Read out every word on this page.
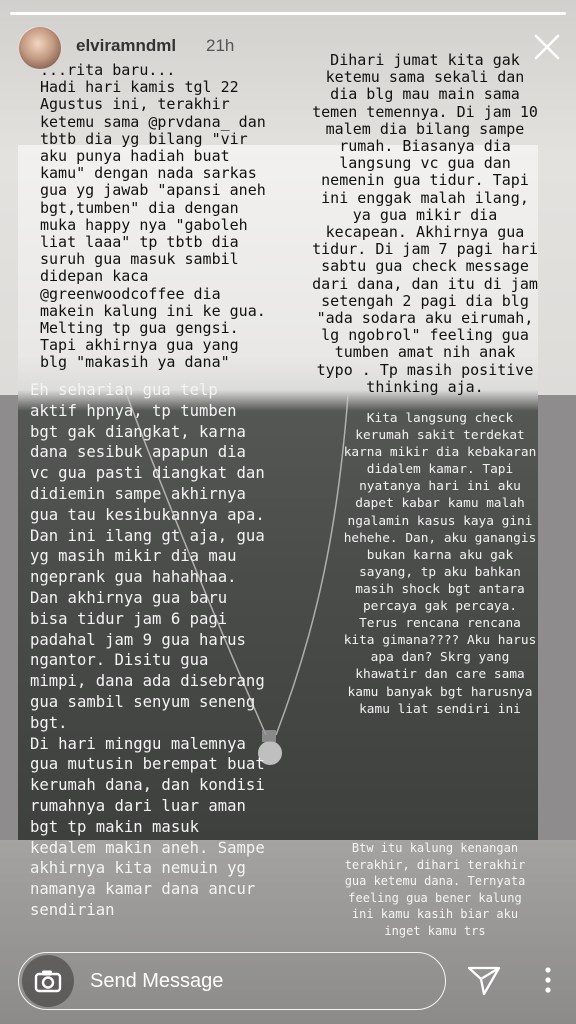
elviramndml 21h

...rita baru...
Hadi hari kamis tgl 22
Agustus ini, terakhir
ketemu sama @prvdana_ dan
tbtb dia yg bilang "vir
aku punya hadiah buat
kamu" dengan nada sarkas
gua yg jawab "apansi aneh
bgt,tumben" dia dengan
muka happy nya "gaboleh
liat laaa" tp tbtb dia
suruh gua masuk sambil
didepan kaca
@greenwoodcoffee dia
makein kalung ini ke gua.
Melting tp gua gengsi.
Tapi akhirnya gua yang
blg "makasih ya dana"

Dihari jumat kita gak
ketemu sama sekali dan
dia blg mau main sama
temen temennya. Di jam 10
malem dia bilang sampe
rumah. Biasanya dia
langsung vc gua dan
nemenin gua tidur. Tapi
ini enggak malah ilang,
ya gua mikir dia
kecapean. Akhirnya gua
tidur. Di jam 7 pagi hari
sabtu gua check message
dari dana, dan itu di jam
setengah 2 pagi dia blg
"ada sodara aku eirumah,
lg ngobrol" feeling gua
tumben amat nih anak
typo . Tp masih positive
thinking aja.

Eh seharian gua telp
aktif hpnya, tp tumben
bgt gak diangkat, karna
dana sesibuk apapun dia
vc gua pasti diangkat dan
didiemin sampe akhirnya
gua tau kesibukannya apa.
Dan ini ilang gt aja, gua
yg masih mikir dia mau
ngeprank gua hahahhaa.
Dan akhirnya gua baru
bisa tidur jam 6 pagi
padahal jam 9 gua harus
ngantor. Disitu gua
mimpi, dana ada disebrang
gua sambil senyum seneng
bgt.
Di hari minggu malemnya
gua mutusin berempat buat
kerumah dana, dan kondisi
rumahnya dari luar aman
bgt tp makin masuk
kedalem makin aneh. Sampe
akhirnya kita nemuin yg
namanya kamar dana ancur
sendirian

Kita langsung check
kerumah sakit terdekat
karna mikir dia kebakaran
didalem kamar. Tapi
nyatanya hari ini aku
dapet kabar kamu malah
ngalamin kasus kaya gini
hehehe. Dan, aku ganangis
bukan karna aku gak
sayang, tp aku bahkan
masih shock bgt antara
percaya gak percaya.
Terus rencana rencana
kita gimana???? Aku harus
apa dan? Skrg yang
khawatir dan care sama
kamu banyak bgt harusnya
kamu liat sendiri ini

Btw itu kalung kenangan
terakhir, dihari terakhir
gua ketemu dana. Ternyata
feeling gua bener kalung
ini kamu kasih biar aku
inget kamu trs

Send Message
